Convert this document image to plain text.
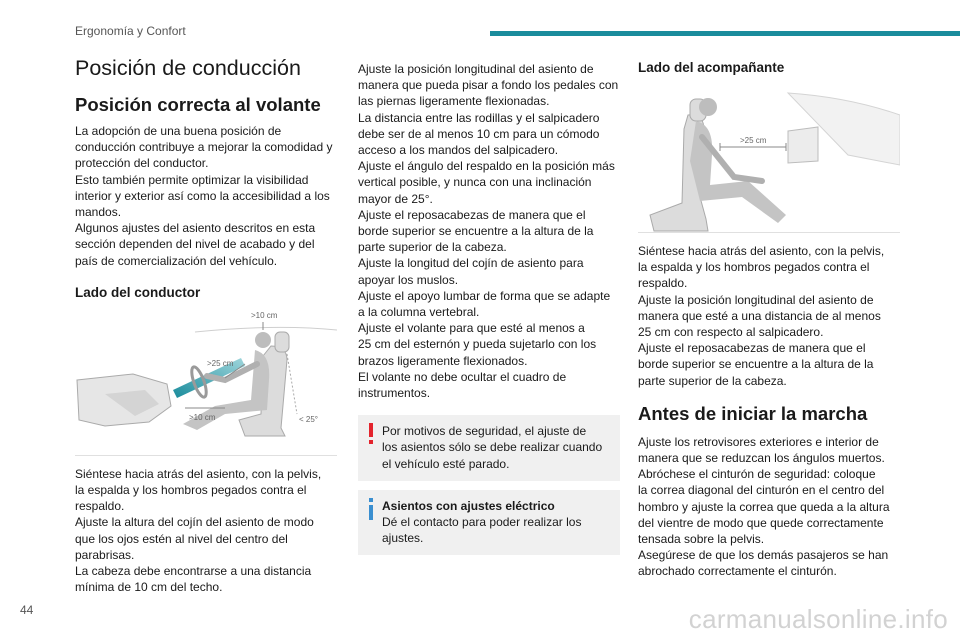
Ergonomía y Confort
44	carmanualsonline.info
Posición de conducción
Posición correcta al volante
La adopción de una buena posición de
conducción contribuye a mejorar la comodidad y
protección del conductor.
Esto también permite optimizar la visibilidad
interior y exterior así como la accesibilidad a los
mandos.
Algunos ajustes del asiento descritos en esta
sección dependen del nivel de acabado y del
país de comercialización del vehículo.
Lado del conductor
>10 cm
>25 cm
>10 cm	< 25°
Siéntese hacia atrás del asiento, con la pelvis,
la espalda y los hombros pegados contra el
respaldo.
Ajuste la altura del cojín del asiento de modo
que los ojos estén al nivel del centro del
parabrisas.
La cabeza debe encontrarse a una distancia
mínima de 10 cm del techo.
Ajuste la posición longitudinal del asiento de
manera que pueda pisar a fondo los pedales con
las piernas ligeramente flexionadas.
La distancia entre las rodillas y el salpicadero
debe ser de al menos 10 cm para un cómodo
acceso a los mandos del salpicadero.
Ajuste el ángulo del respaldo en la posición más
vertical posible, y nunca con una inclinación
mayor de 25°.
Ajuste el reposacabezas de manera que el
borde superior se encuentre a la altura de la
parte superior de la cabeza.
Ajuste la longitud del cojín de asiento para
apoyar los muslos.
Ajuste el apoyo lumbar de forma que se adapte
a la columna vertebral.
Ajuste el volante para que esté al menos a
25 cm del esternón y pueda sujetarlo con los
brazos ligeramente flexionados.
El volante no debe ocultar el cuadro de
instrumentos.
Por motivos de seguridad, el ajuste de
los asientos sólo se debe realizar cuando
el vehículo esté parado.
Asientos con ajustes eléctrico
Dé el contacto para poder realizar los
ajustes.
Lado del acompañante
>25 cm
Siéntese hacia atrás del asiento, con la pelvis,
la espalda y los hombros pegados contra el
respaldo.
Ajuste la posición longitudinal del asiento de
manera que esté a una distancia de al menos
25 cm con respecto al salpicadero.
Ajuste el reposacabezas de manera que el
borde superior se encuentre a la altura de la
parte superior de la cabeza.
Antes de iniciar la marcha
Ajuste los retrovisores exteriores e interior de
manera que se reduzcan los ángulos muertos.
Abróchese el cinturón de seguridad: coloque
la correa diagonal del cinturón en el centro del
hombro y ajuste la correa que queda a la altura
del vientre de modo que quede correctamente
tensada sobre la pelvis.
Asegúrese de que los demás pasajeros se han
abrochado correctamente el cinturón.
